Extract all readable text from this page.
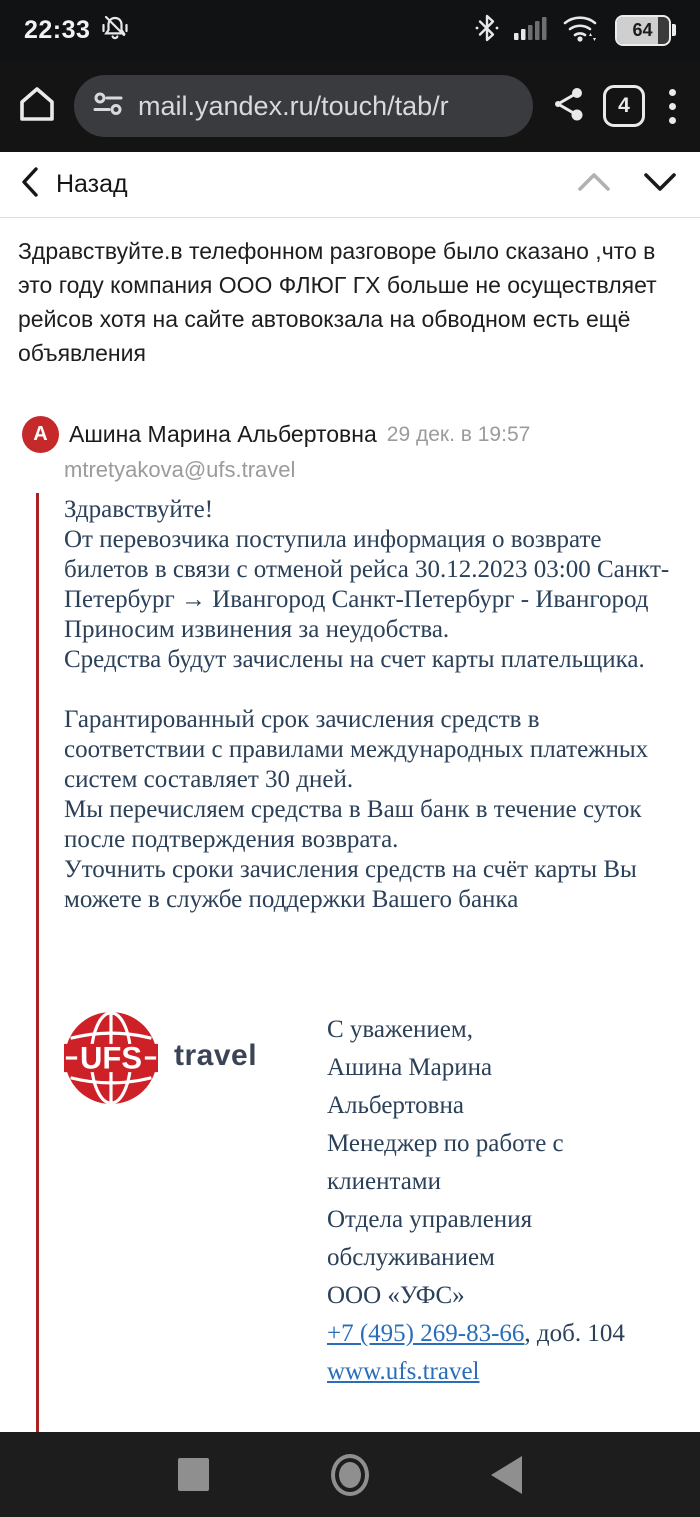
22:33	64
mail.yandex.ru/touch/tab/r	4
Назад

Здравствуйте.в телефонном разговоре было сказано ,что в это году компания ООО ФЛЮГ ГХ больше не осуществляет рейсов хотя на сайте автовокзала на обводном есть ещё объявления

А Ашина Марина Альбертовна 29 дек. в 19:57
mtretyakova@ufs.travel

Здравствуйте!

От перевозчика поступила информация о возврате билетов в связи с отменой рейса 30.12.2023 03:00 Санкт-Петербург → Ивангород Санкт-Петербург - Ивангород

Приносим извинения за неудобства.

Средства будут зачислены на счет карты плательщика.

Гарантированный срок зачисления средств в соответствии с правилами международных платежных систем составляет 30 дней.

Мы перечисляем средства в Ваш банк в течение суток после подтверждения возврата.

Уточнить сроки зачисления средств на счёт карты Вы можете в службе поддержки Вашего банка

UFS travel

С уважением,

Ашина Марина Альбертовна

Менеджер по работе с клиентами

Отдела управления обслуживанием

ООО «УФС»

+7 (495) 269-83-66, доб. 104

www.ufs.travel
